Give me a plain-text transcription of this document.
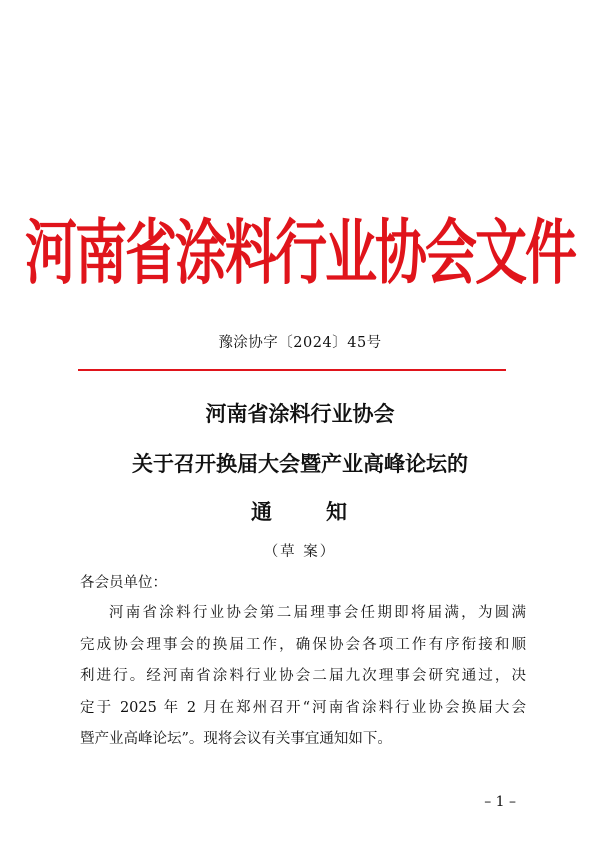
河南省涂料行业协会文件
豫涂协字〔2024〕45号
河南省涂料行业协会
关于召开换届大会暨产业高峰论坛的
通 知
（草 案）
各会员单位：
河南省涂料行业协会第二届理事会任期即将届满，为圆满
完成协会理事会的换届工作，确保协会各项工作有序衔接和顺
利进行。经河南省涂料行业协会二届九次理事会研究通过，决
定于 2025 年 2 月在郑州召开“河南省涂料行业协会换届大会
暨产业高峰论坛”。现将会议有关事宜通知如下。
– 1 –
